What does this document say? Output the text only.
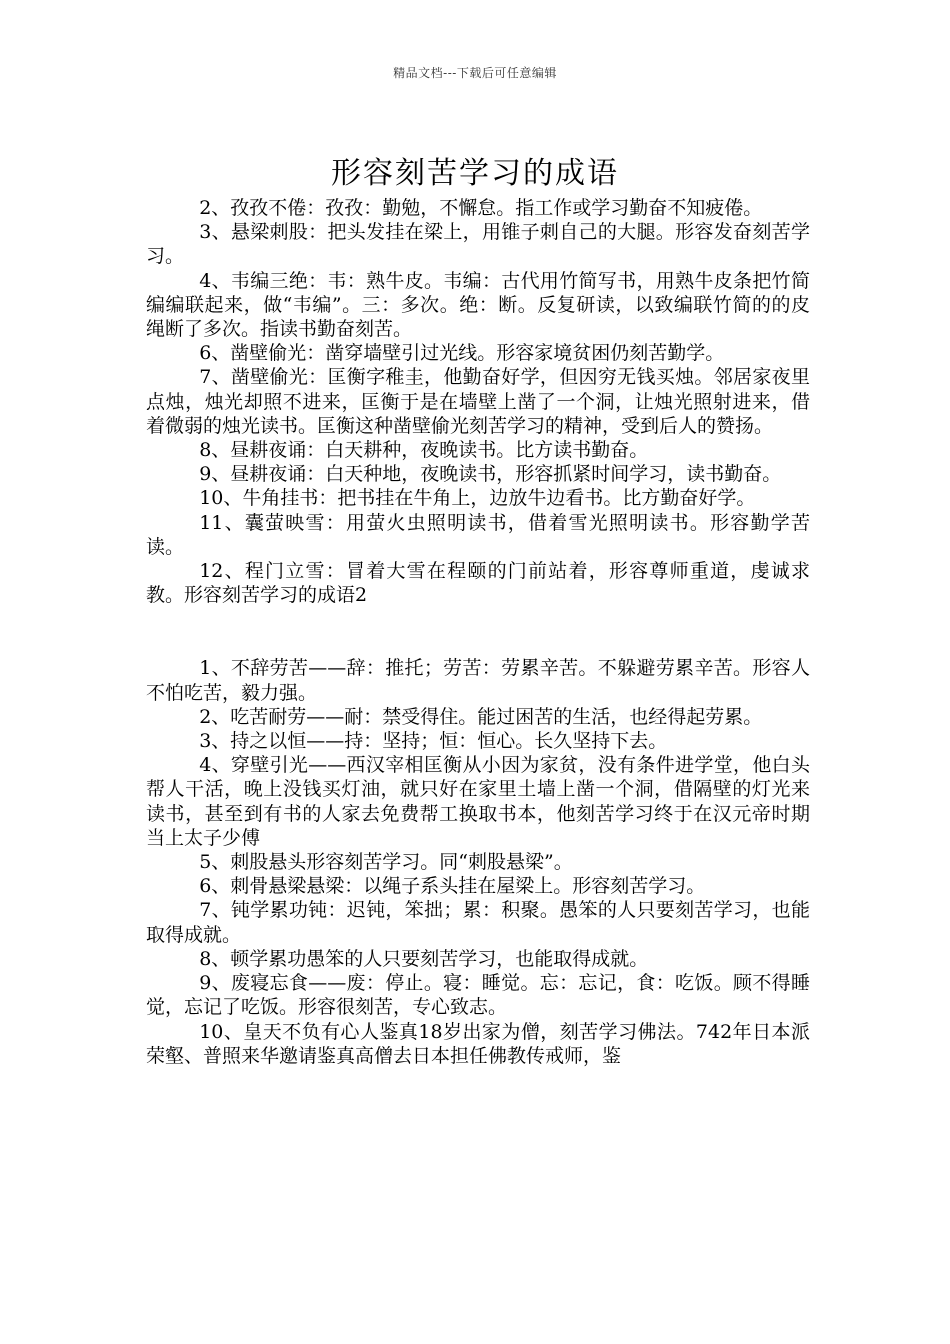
精品文档---下载后可任意编辑
形容刻苦学习的成语

2、孜孜不倦：孜孜：勤勉，不懈怠。指工作或学习勤奋不知疲倦。

3、悬梁刺股：把头发挂在梁上，用锥子刺自己的大腿。形容发奋刻苦学习。

4、韦编三绝：韦：熟牛皮。韦编：古代用竹简写书，用熟牛皮条把竹简编编联起来，做“韦编”。三：多次。绝：断。反复研读，以致编联竹简的的皮绳断了多次。指读书勤奋刻苦。

6、凿壁偷光：凿穿墙壁引过光线。形容家境贫困仍刻苦勤学。

7、凿壁偷光：匡衡字稚圭，他勤奋好学，但因穷无钱买烛。邻居家夜里点烛，烛光却照不进来，匡衡于是在墙壁上凿了一个洞，让烛光照射进来，借着微弱的烛光读书。匡衡这种凿壁偷光刻苦学习的精神，受到后人的赞扬。

8、昼耕夜诵：白天耕种，夜晚读书。比方读书勤奋。

9、昼耕夜诵：白天种地，夜晚读书，形容抓紧时间学习，读书勤奋。

10、牛角挂书：把书挂在牛角上，边放牛边看书。比方勤奋好学。

11、囊萤映雪：用萤火虫照明读书，借着雪光照明读书。形容勤学苦读。

12、程门立雪：冒着大雪在程颐的门前站着，形容尊师重道，虔诚求教。形容刻苦学习的成语2

1、不辞劳苦——辞：推托；劳苦：劳累辛苦。不躲避劳累辛苦。形容人不怕吃苦，毅力强。

2、吃苦耐劳——耐：禁受得住。能过困苦的生活，也经得起劳累。

3、持之以恒——持：坚持；恒：恒心。长久坚持下去。

4、穿壁引光——西汉宰相匡衡从小因为家贫，没有条件进学堂，他白头帮人干活，晚上没钱买灯油，就只好在家里土墙上凿一个洞，借隔壁的灯光来读书，甚至到有书的人家去免费帮工换取书本，他刻苦学习终于在汉元帝时期当上太子少傅

5、刺股悬头形容刻苦学习。同“刺股悬梁”。

6、刺骨悬梁悬梁：以绳子系头挂在屋梁上。形容刻苦学习。

7、钝学累功钝：迟钝，笨拙；累：积聚。愚笨的人只要刻苦学习，也能取得成就。

8、顿学累功愚笨的人只要刻苦学习，也能取得成就。

9、废寝忘食——废：停止。寝：睡觉。忘：忘记，食：吃饭。顾不得睡觉，忘记了吃饭。形容很刻苦，专心致志。

10、皇天不负有心人鉴真18岁出家为僧，刻苦学习佛法。742年日本派荣壑、普照来华邀请鉴真高僧去日本担任佛教传戒师，鉴
